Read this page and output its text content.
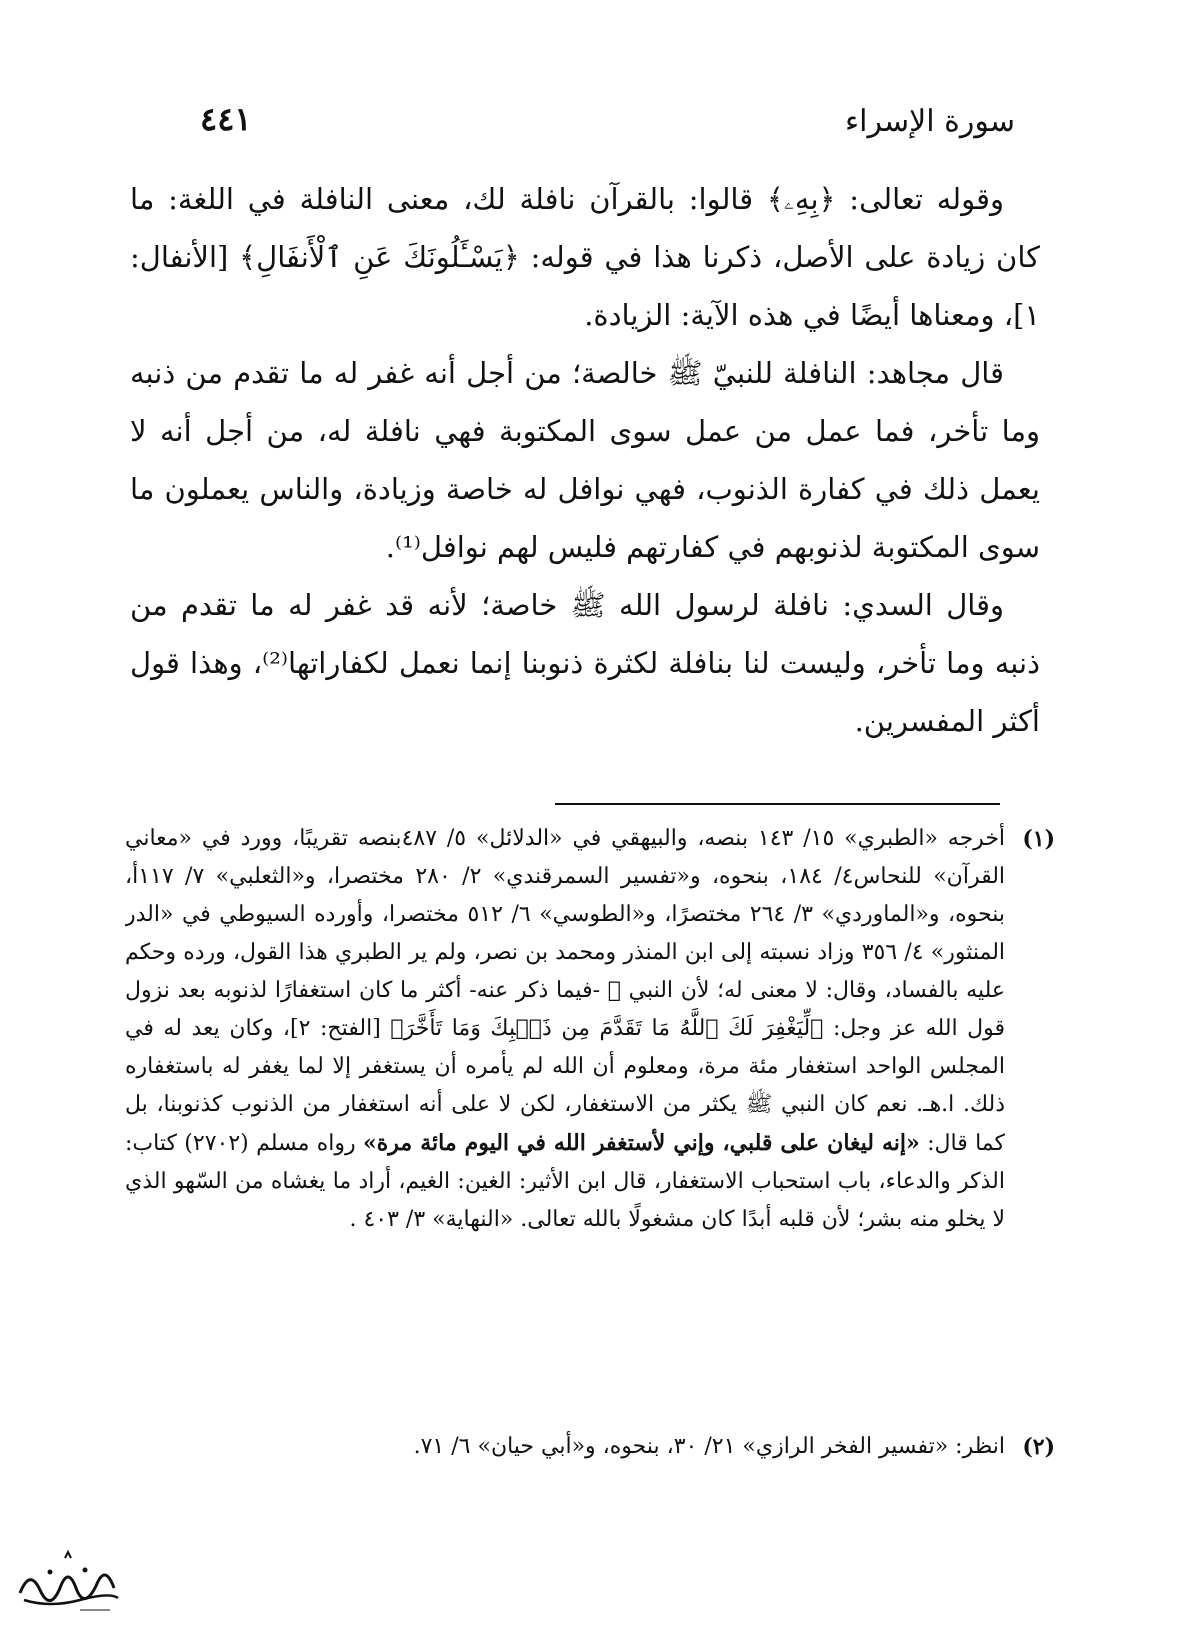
سورة الإسراء
٤٤١

وقوله تعالى: ﴿بِهِۦ﴾ قالوا: بالقرآن نافلة لك، معنى النافلة في اللغة: ما كان زيادة على الأصل، ذكرنا هذا في قوله: ﴿يَسْـَٔلُونَكَ عَنِ ٱلْأَنفَالِ﴾ [الأنفال: ١]، ومعناها أيضًا في هذه الآية: الزيادة.

قال مجاهد: النافلة للنبيّ ﷺ خالصة؛ من أجل أنه غفر له ما تقدم من ذنبه وما تأخر، فما عمل من عمل سوى المكتوبة فهي نافلة له، من أجل أنه لا يعمل ذلك في كفارة الذنوب، فهي نوافل له خاصة وزيادة، والناس يعملون ما سوى المكتوبة لذنوبهم في كفارتهم فليس لهم نوافل⁽¹⁾.

وقال السدي: نافلة لرسول الله ﷺ خاصة؛ لأنه قد غفر له ما تقدم من ذنبه وما تأخر، وليست لنا بنافلة لكثرة ذنوبنا إنما نعمل لكفاراتها⁽²⁾، وهذا قول أكثر المفسرين.

(١)
أخرجه «الطبري» ١٥/ ١٤٣ بنصه، والبيهقي في «الدلائل» ٥/ ٤٨٧بنصه تقريبًا، وورد في «معاني القرآن» للنحاس٤/ ١٨٤، بنحوه، و«تفسير السمرقندي» ٢/ ٢٨٠ مختصرا، و«الثعلبي» ٧/ ١١٧أ، بنحوه، و«الماوردي» ٣/ ٢٦٤ مختصرًا، و«الطوسي» ٦/ ٥١٢ مختصرا، وأورده السيوطي في «الدر المنثور» ٤/ ٣٥٦ وزاد نسبته إلى ابن المنذر ومحمد بن نصر، ولم ير الطبري هذا القول، ورده وحكم عليه بالفساد، وقال: لا معنى له؛ لأن النبي ﷺ -فيما ذكر عنه- أكثر ما كان استغفارًا لذنوبه بعد نزول قول الله عز وجل: ﴿لِّيَغْفِرَ لَكَ ٱللَّهُ مَا تَقَدَّمَ مِن ذَنۢبِكَ وَمَا تَأَخَّرَ﴾ [الفتح: ٢]، وكان يعد له في المجلس الواحد استغفار مئة مرة، ومعلوم أن الله لم يأمره أن يستغفر إلا لما يغفر له باستغفاره ذلك. ا.هـ. نعم كان النبي ﷺ يكثر من الاستغفار، لكن لا على أنه استغفار من الذنوب كذنوبنا، بل كما قال: «إنه ليغان على قلبي، وإني لأستغفر الله في اليوم مائة مرة» رواه مسلم (٢٧٠٢) كتاب: الذكر والدعاء، باب استحباب الاستغفار، قال ابن الأثير: الغين: الغيم، أراد ما يغشاه من السّهو الذي لا يخلو منه بشر؛ لأن قلبه أبدًا كان مشغولًا بالله تعالى. «النهاية» ٣/ ٤٠٣ .
(٢)
انظر: «تفسير الفخر الرازي» ٢١/ ٣٠، بنحوه، و«أبي حيان» ٦/ ٧١.
